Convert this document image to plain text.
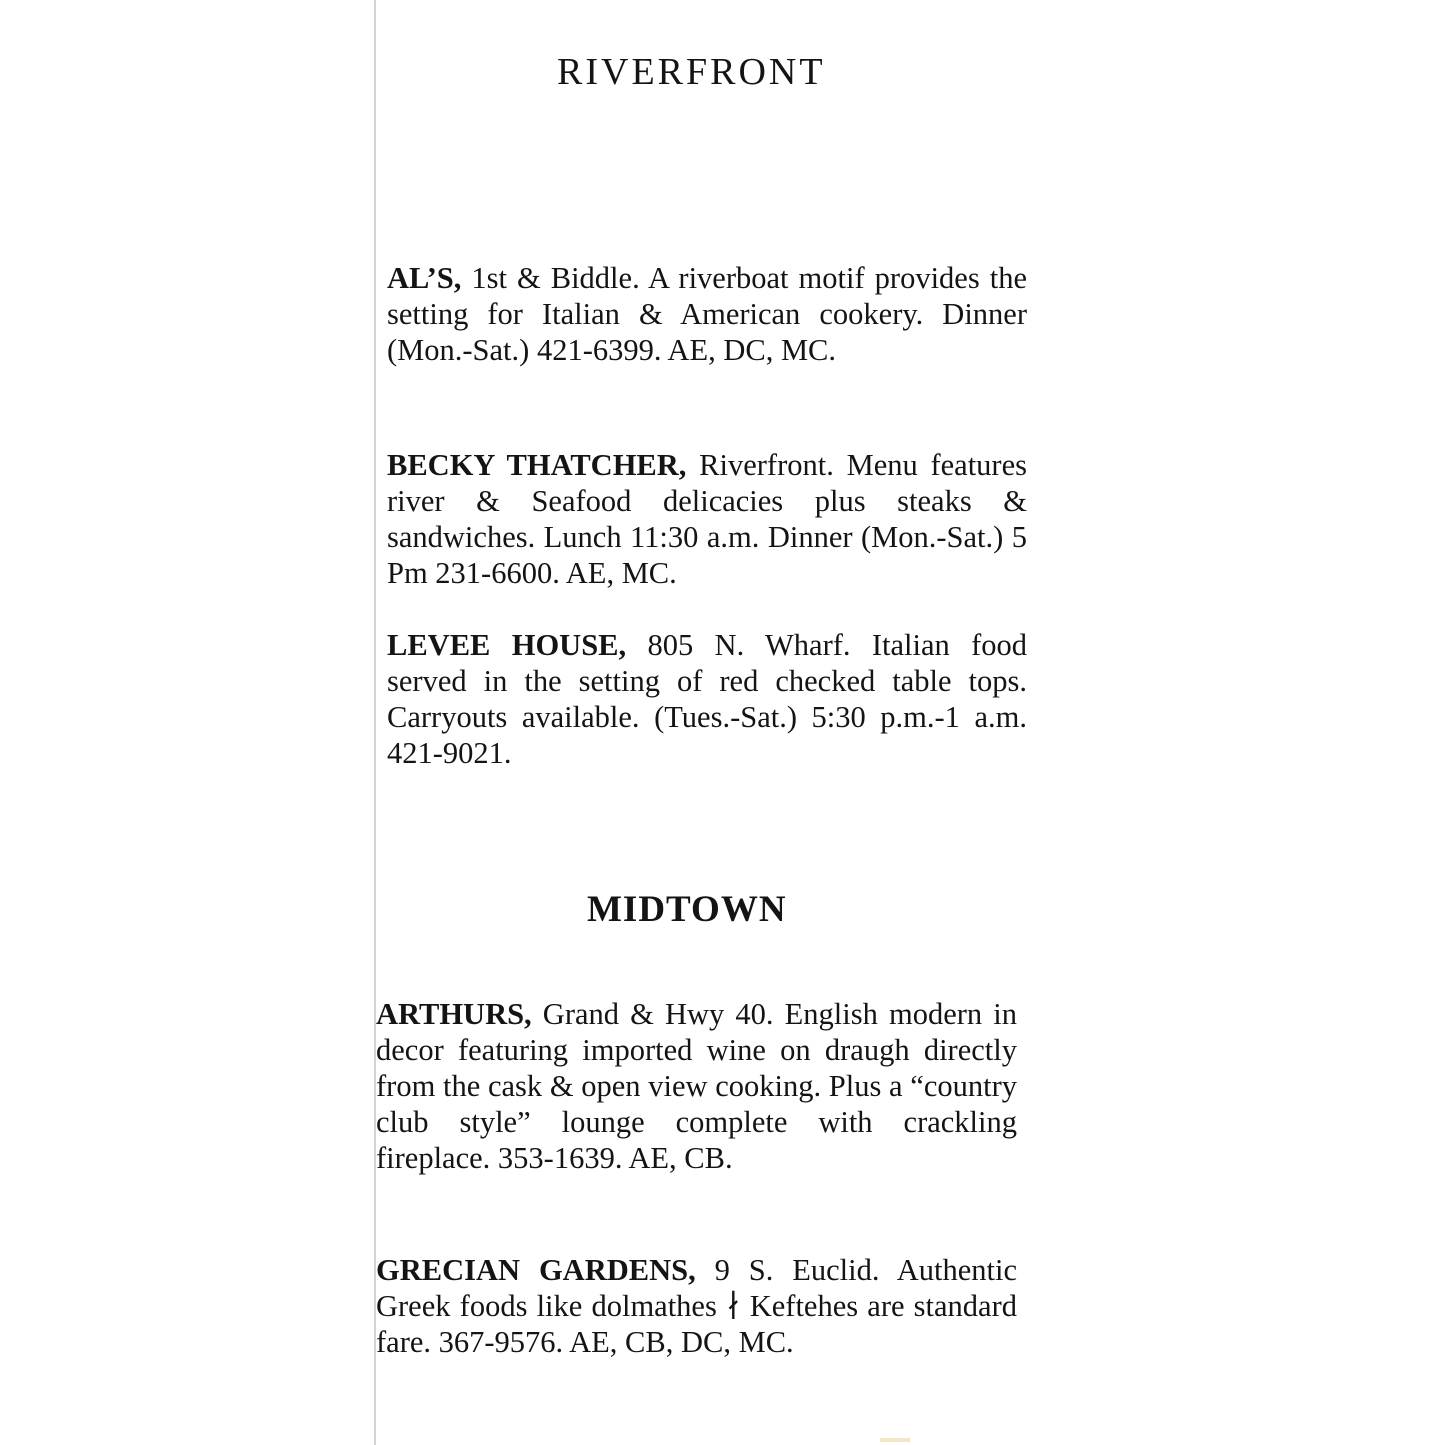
RIVERFRONT

AL’S, 1st & Biddle. A riverboat motif provides the setting for Italian & American cookery. Dinner (Mon.-Sat.) 421-6399. AE, DC, MC.

BECKY THATCHER, Riverfront. Menu features river & Seafood delicacies plus steaks & sandwiches. Lunch 11:30 a.m. Dinner (Mon.-Sat.) 5 Pm 231-6600. AE, MC.

LEVEE HOUSE, 805 N. Wharf. Italian food served in the setting of red checked table tops. Carryouts available. (Tues.-Sat.) 5:30 p.m.-1 a.m. 421-9021.

MIDTOWN

ARTHURS, Grand & Hwy 40. English modern in decor featuring imported wine on draugh directly from the cask & open view cooking. Plus a “country club style” lounge complete with crackling fireplace. 353-1639. AE, CB.

GRECIAN GARDENS, 9 S. Euclid. Authentic Greek foods like dolmathes ∤ Keftehes are standard fare. 367-9576. AE, CB, DC, MC.
